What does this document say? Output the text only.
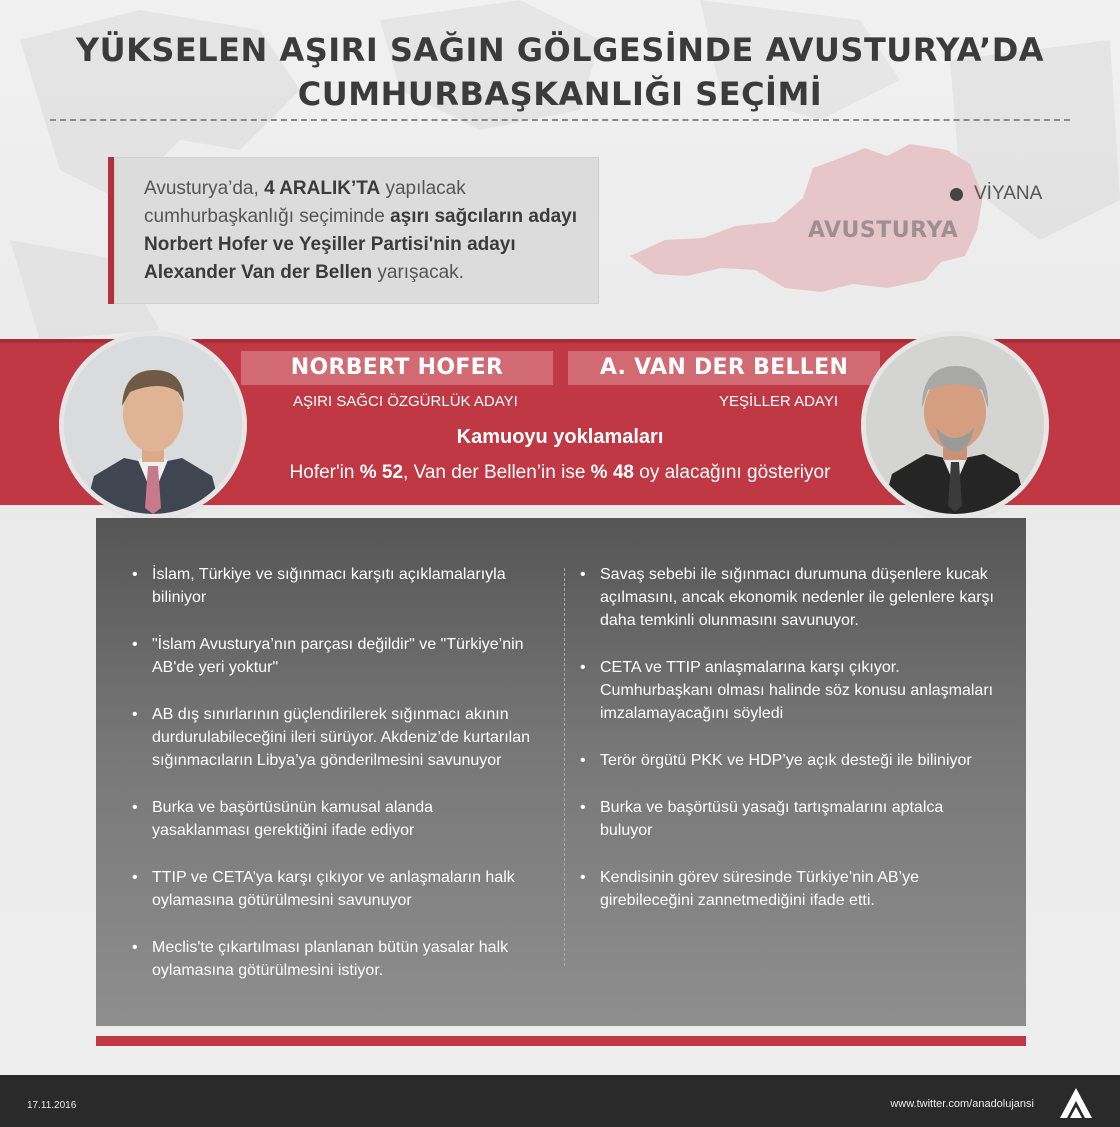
YÜKSELEN AŞIRI SAĞIN GÖLGESİNDE AVUSTURYA’DA
CUMHURBAŞKANLIĞI SEÇİMİ
Avusturya’da, 4 ARALIK’TA yapılacak cumhurbaşkanlığı seçiminde aşırı sağcıların adayı Norbert Hofer ve Yeşiller Partisi'nin adayı Alexander Van der Bellen yarışacak.
AVUSTURYA
VİYANA
NORBERT HOFER	A. VAN DER BELLEN
AŞIRI SAĞCI ÖZGÜRLÜK ADAYI	YEŞİLLER ADAYI
Kamuoyu yoklamaları
Hofer'in % 52, Van der Bellen’in ise % 48 oy alacağını gösteriyor
• İslam, Türkiye ve sığınmacı karşıtı açıklamalarıyla biliniyor
• "İslam Avusturya’nın parçası değildir" ve "Türkiye’nin AB'de yeri yoktur"
• AB dış sınırlarının güçlendirilerek sığınmacı akının durdurulabileceğini ileri sürüyor. Akdeniz’de kurtarılan sığınmacıların Libya’ya gönderilmesini savunuyor
• Burka ve başörtüsünün kamusal alanda yasaklanması gerektiğini ifade ediyor
• TTIP ve CETA’ya karşı çıkıyor ve anlaşmaların halk oylamasına götürülmesini savunuyor
• Meclis'te çıkartılması planlanan bütün yasalar halk oylamasına götürülmesini istiyor.
• Savaş sebebi ile sığınmacı durumuna düşenlere kucak açılmasını, ancak ekonomik nedenler ile gelenlere karşı daha temkinli olunmasını savunuyor.
• CETA ve TTIP anlaşmalarına karşı çıkıyor. Cumhurbaşkanı olması halinde söz konusu anlaşmaları imzalamayacağını söyledi
• Terör örgütü PKK ve HDP’ye açık desteği ile biliniyor
• Burka ve başörtüsü yasağı tartışmalarını aptalca buluyor
• Kendisinin görev süresinde Türkiye’nin AB’ye girebileceğini zannetmediğini ifade etti.
17.11.2016	www.twitter.com/anadolujansi
